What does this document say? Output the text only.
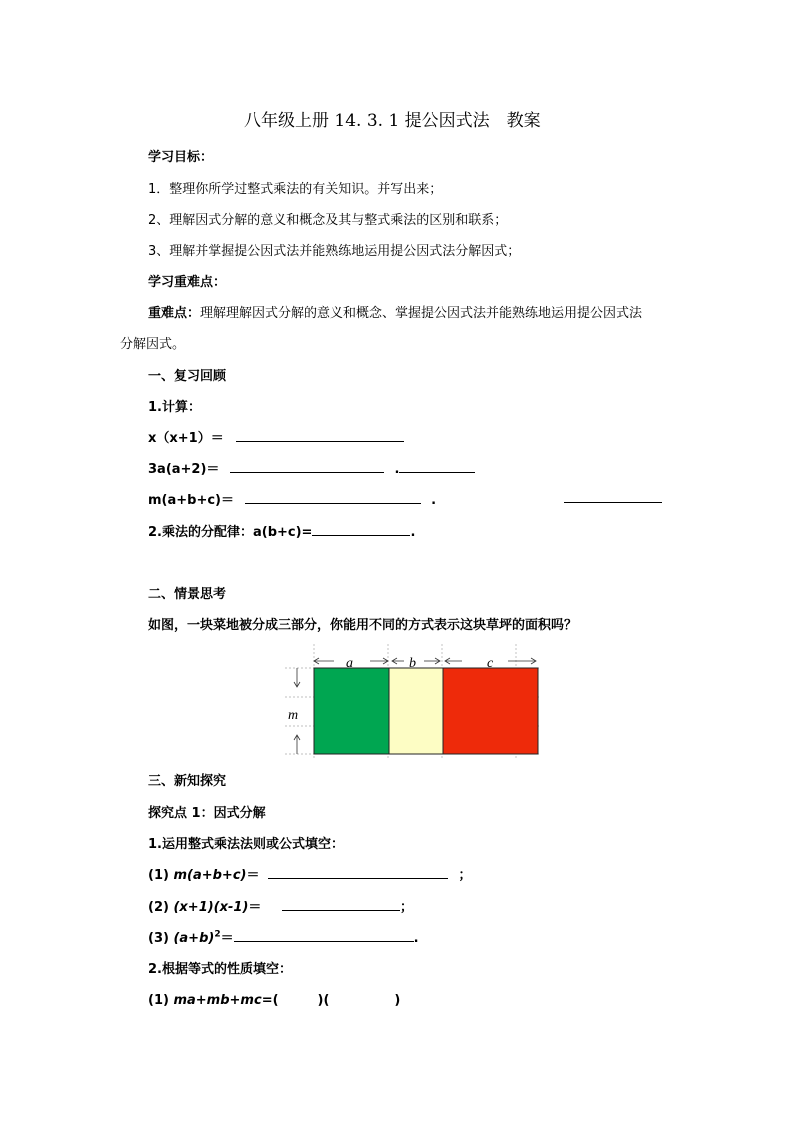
八年级上册 14. 3. 1 提公因式法　教案
学习目标：
1．整理你所学过整式乘法的有关知识。并写出来；
2、理解因式分解的意义和概念及其与整式乘法的区别和联系；
3、理解并掌握提公因式法并能熟练地运用提公因式法分解因式；
学习重难点：
重难点：理解理解因式分解的意义和概念、掌握提公因式法并能熟练地运用提公因式法
分解因式。
一、复习回顾
1.计算：
x（x+1）＝
3a(a+2)＝	.
m(a+b+c)＝	.
2.乘法的分配律：a(b+c)=	.
二、情景思考
如图，一块菜地被分成三部分，你能用不同的方式表示这块草坪的面积吗？
a	b	c
m
三、新知探究
探究点 1：因式分解
1.运用整式乘法法则或公式填空：
(1) m(a+b+c)＝	；
(2) (x+1)(x-1)＝	；
(3) $(a+b)^2=$	.
2.根据等式的性质填空：
(1) ma+mb+mc=(　　　)(　　　　　)
